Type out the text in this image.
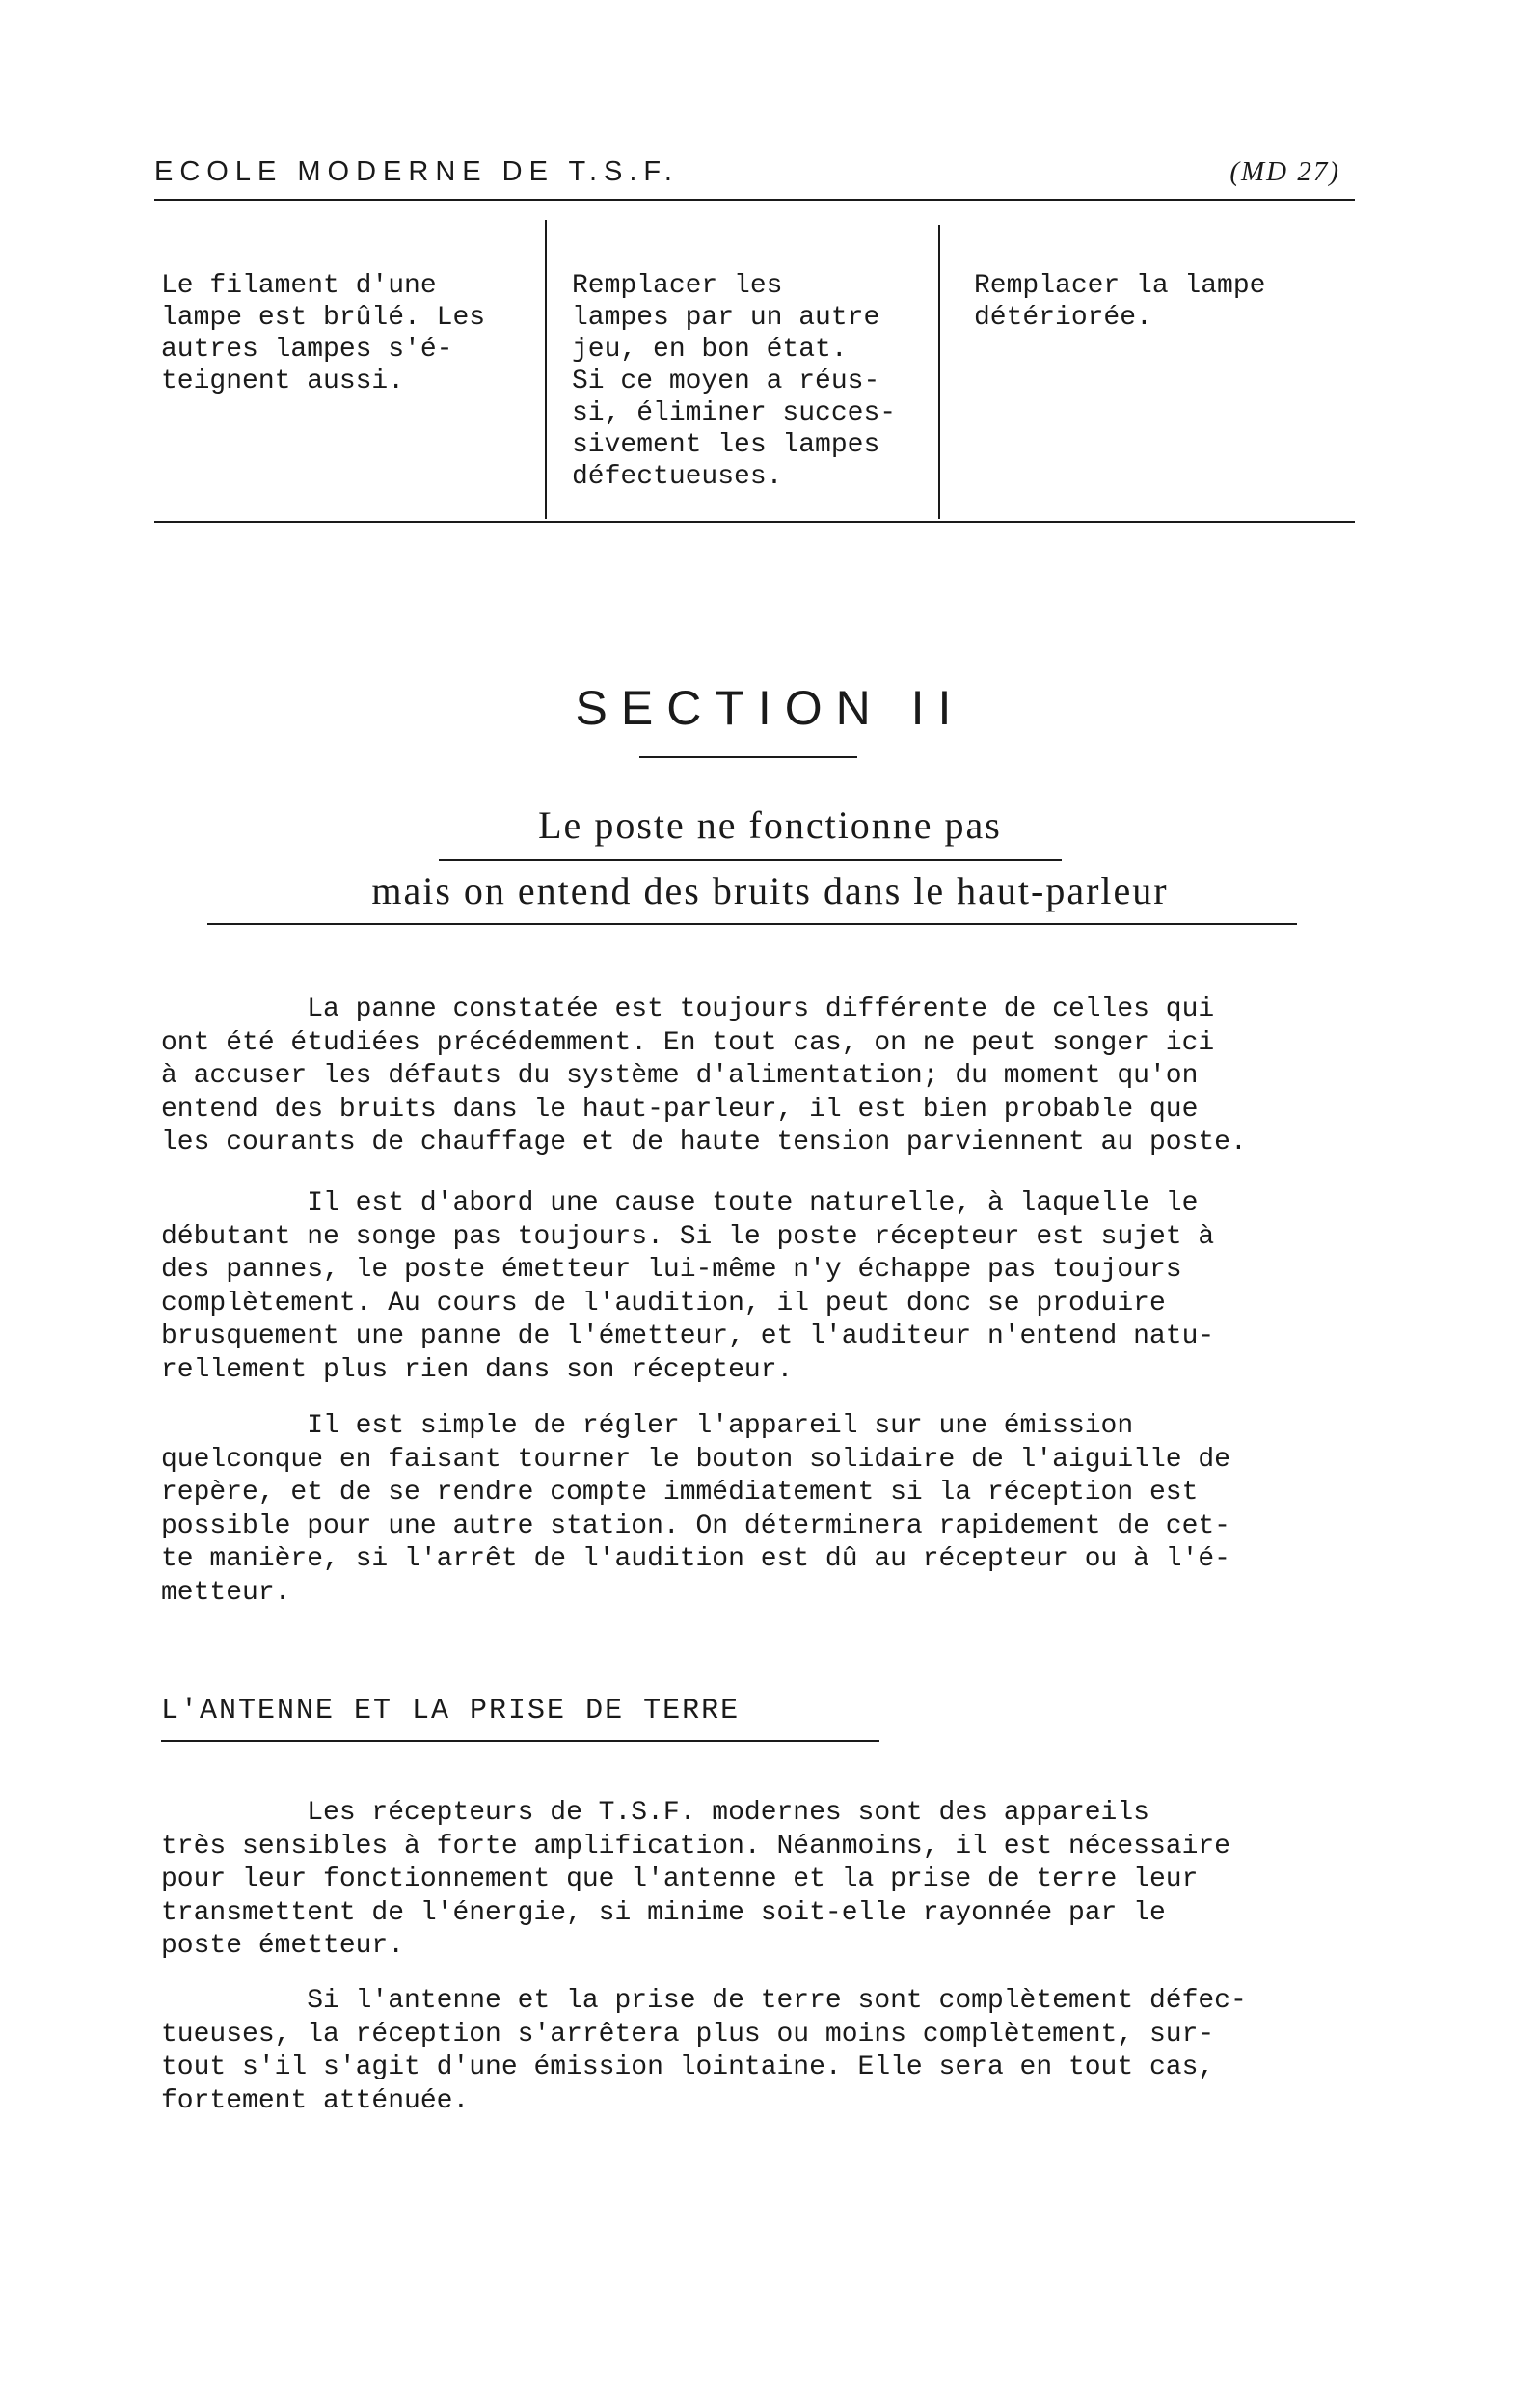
ECOLE MODERNE DE T.S.F.	(MD 27)
Le filament d'une
lampe est brûlé. Les
autres lampes s'é-
teignent aussi.
Remplacer les
lampes par un autre
jeu, en bon état.
Si ce moyen a réus-
si, éliminer succes-
sivement les lampes
défectueuses.
Remplacer la lampe
détériorée.
SECTION II
Le poste ne fonctionne pas
mais on entend des bruits dans le haut-parleur
La panne constatée est toujours différente de celles qui
ont été étudiées précédemment. En tout cas, on ne peut songer ici
à accuser les défauts du système d'alimentation; du moment qu'on
entend des bruits dans le haut-parleur, il est bien probable que
les courants de chauffage et de haute tension parviennent au poste.
Il est d'abord une cause toute naturelle, à laquelle le
débutant ne songe pas toujours. Si le poste récepteur est sujet à
des pannes, le poste émetteur lui-même n'y échappe pas toujours
complètement. Au cours de l'audition, il peut donc se produire
brusquement une panne de l'émetteur, et l'auditeur n'entend natu-
rellement plus rien dans son récepteur.
Il est simple de régler l'appareil sur une émission
quelconque en faisant tourner le bouton solidaire de l'aiguille de
repère, et de se rendre compte immédiatement si la réception est
possible pour une autre station. On déterminera rapidement de cet-
te manière, si l'arrêt de l'audition est dû au récepteur ou à l'é-
metteur.
L'ANTENNE ET LA PRISE DE TERRE
Les récepteurs de T.S.F. modernes sont des appareils
très sensibles à forte amplification. Néanmoins, il est nécessaire
pour leur fonctionnement que l'antenne et la prise de terre leur
transmettent de l'énergie, si minime soit-elle rayonnée par le
poste émetteur.
Si l'antenne et la prise de terre sont complètement défec-
tueuses, la réception s'arrêtera plus ou moins complètement, sur-
tout s'il s'agit d'une émission lointaine. Elle sera en tout cas,
fortement atténuée.
